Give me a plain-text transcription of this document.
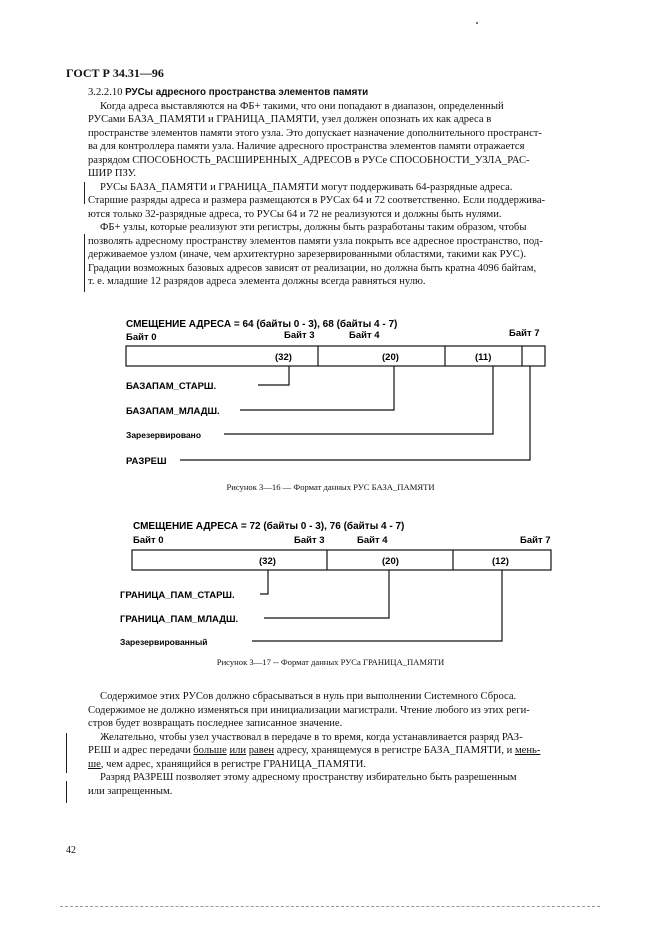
ГОСТ Р 34.31—96

3.2.2.10 РУСы адресного пространства элементов памяти

Когда адреса выставляются на ФБ+ такими, что они попадают в диапазон, определенный
РУСами БАЗА_ПАМЯТИ и ГРАНИЦА_ПАМЯТИ, узел должен опознать их как адреса в
пространстве элементов памяти этого узла. Это допускает назначение дополнительного пространст-
ва для контроллера памяти узла. Наличие адресного пространства элементов памяти отражается
разрядом СПОСОБНОСТЬ_РАСШИРЕННЫХ_АДРЕСОВ в РУСе СПОСОБНОСТИ_УЗЛА_РАС-
ШИР ПЗУ.
РУСы БАЗА_ПАМЯТИ и ГРАНИЦА_ПАМЯТИ могут поддерживать 64-разрядные адреса.
Старшие разряды адреса и размера размещаются в РУСах 64 и 72 соответственно. Если поддержива-
ются только 32-разрядные адреса, то РУСы 64 и 72 не реализуются и должны быть нулями.
ФБ+ узлы, которые реализуют эти регистры, должны быть разработаны таким образом, чтобы
позволять адресному пространству элементов памяти узла покрыть все адресное пространство, под-
держиваемое узлом (иначе, чем архитектурно зарезервированными областями, такими как РУС).
Градации возможных базовых адресов зависят от реализации, но должна быть кратна 4096 байтам,
т. е. младшие 12 разрядов адреса элемента должны всегда равняться нулю.
СМЕЩЕНИЕ АДРЕСА = 64 (байты 0 - 3), 68 (байты 4 - 7)
Байт 0	Байт 3	Байт 4	Байт 7
(32)	(20)	(11)
БАЗАПАМ_СТАРШ.
БАЗАПАМ_МЛАДШ.
Зарезервировано
РАЗРЕШ
Рисунок 3—16 — Формат данных РУС БАЗА_ПАМЯТИ
СМЕЩЕНИЕ АДРЕСА = 72 (байты 0 - 3), 76 (байты 4 - 7)
Байт 0	Байт 3	Байт 4	Байт 7
(32)	(20)	(12)
ГРАНИЦА_ПАМ_СТАРШ.
ГРАНИЦА_ПАМ_МЛАДШ.
Зарезервированный
Рисунок 3—17 -- Формат данных РУСа ГРАНИЦА_ПАМЯТИ
Содержимое этих РУСов должно сбрасываться в нуль при выполнении Системного Сброса.
Содержимое не должно изменяться при инициализации магистрали. Чтение любого из этих реги-
стров будет возвращать последнее записанное значение.
Желательно, чтобы узел участвовал в передаче в то время, когда устанавливается разряд РАЗ-
РЕШ и адрес передачи больше или равен адресу, хранящемуся в регистре БАЗА_ПАМЯТИ, и мень-
ше, чем адрес, хранящийся в регистре ГРАНИЦА_ПАМЯТИ.
Разряд РАЗРЕШ позволяет этому адресному пространству избирательно быть разрешенным
или запрещенным.
42
